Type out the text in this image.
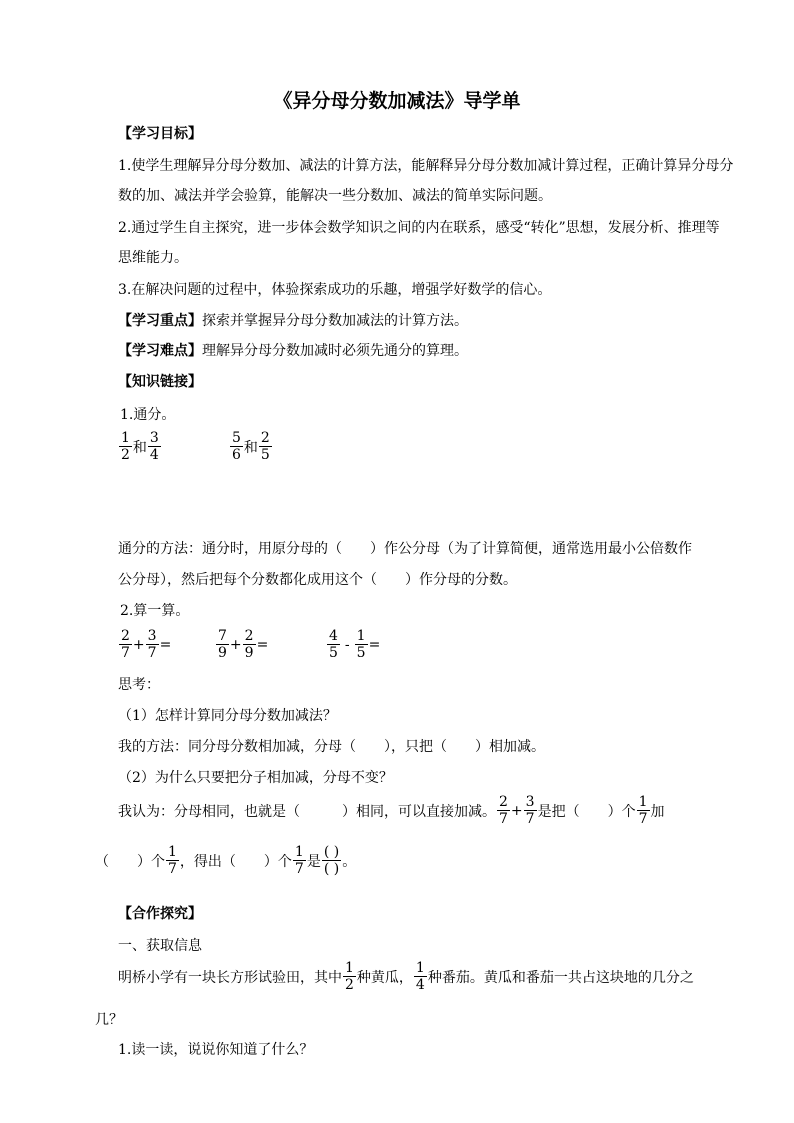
《异分母分数加减法》导学单
【学习目标】
1.使学生理解异分母分数加、减法的计算方法，能解释异分母分数加减计算过程，正确计算异分母分
数的加、减法并学会验算，能解决一些分数加、减法的简单实际问题。
2.通过学生自主探究，进一步体会数学知识之间的内在联系，感受“转化”思想，发展分析、推理等
思维能力。
3.在解决问题的过程中，体验探索成功的乐趣，增强学好数学的信心。
【学习重点】探索并掌握异分母分数加减法的计算方法。
【学习难点】理解异分母分数加减时必须先通分的算理。
【知识链接】
1.通分。
$\frac{1}{2}$ 和 $\frac{3}{4}$	$\frac{5}{6}$ 和 $\frac{2}{5}$
通分的方法：通分时，用原分母的（　　）作公分母（为了计算简便，通常选用最小公倍数作
公分母），然后把每个分数都化成用这个（　　）作分母的分数。
2.算一算。
$\frac{2}{7} + \frac{3}{7}$ =	$\frac{7}{9} + \frac{2}{9}$ =	$\frac{4}{5} - \frac{1}{5}$ =
思考：
（1）怎样计算同分母分数加减法？
我的方法：同分母分数相加减，分母（　　），只把（　　）相加减。
（2）为什么只要把分子相加减，分母不变？
我认为：分母相同，也就是（　　　）相同，可以直接加减。 $\frac{2}{7} + \frac{3}{7}$ 是把（　　）个 $\frac{1}{7}$ 加
（　　）个 $\frac{1}{7}$ ，得出（　　）个 $\frac{1}{7}$ 是 $\frac{( )}{( )}$ 。
【合作探究】
一、获取信息
明桥小学有一块长方形试验田，其中 $\frac{1}{2}$ 种黄瓜， $\frac{1}{4}$ 种番茄。黄瓜和番茄一共占这块地的几分之
几？
1.读一读，说说你知道了什么？
